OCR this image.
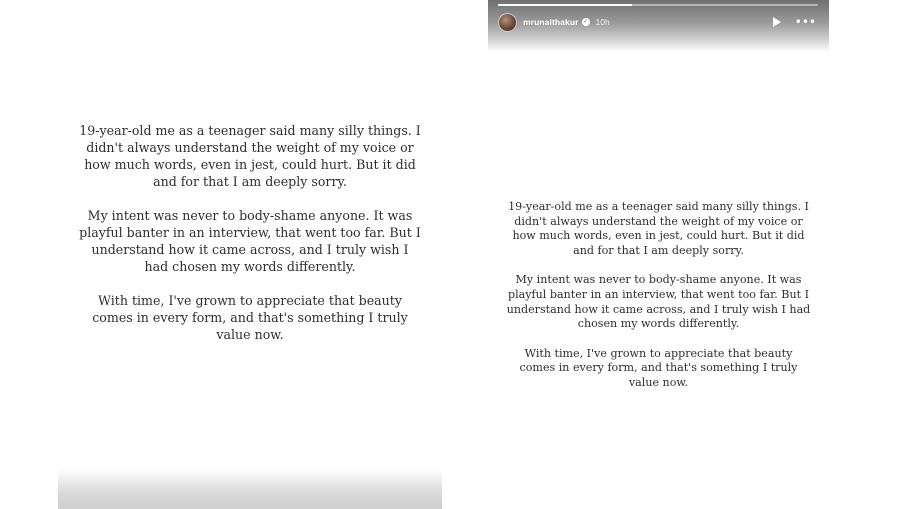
19-year-old me as a teenager said many silly things. I didn't always understand the weight of my voice or how much words, even in jest, could hurt. But it did and for that I am deeply sorry.

My intent was never to body-shame anyone. It was playful banter in an interview, that went too far. But I understand how it came across, and I truly wish I had chosen my words differently.

With time, I've grown to appreciate that beauty comes in every form, and that's something I truly value now.

mrunalthakur ✓ 10h	•••

19-year-old me as a teenager said many silly things. I didn't always understand the weight of my voice or how much words, even in jest, could hurt. But it did and for that I am deeply sorry.

My intent was never to body-shame anyone. It was playful banter in an interview, that went too far. But I understand how it came across, and I truly wish I had chosen my words differently.

With time, I've grown to appreciate that beauty comes in every form, and that's something I truly value now.
